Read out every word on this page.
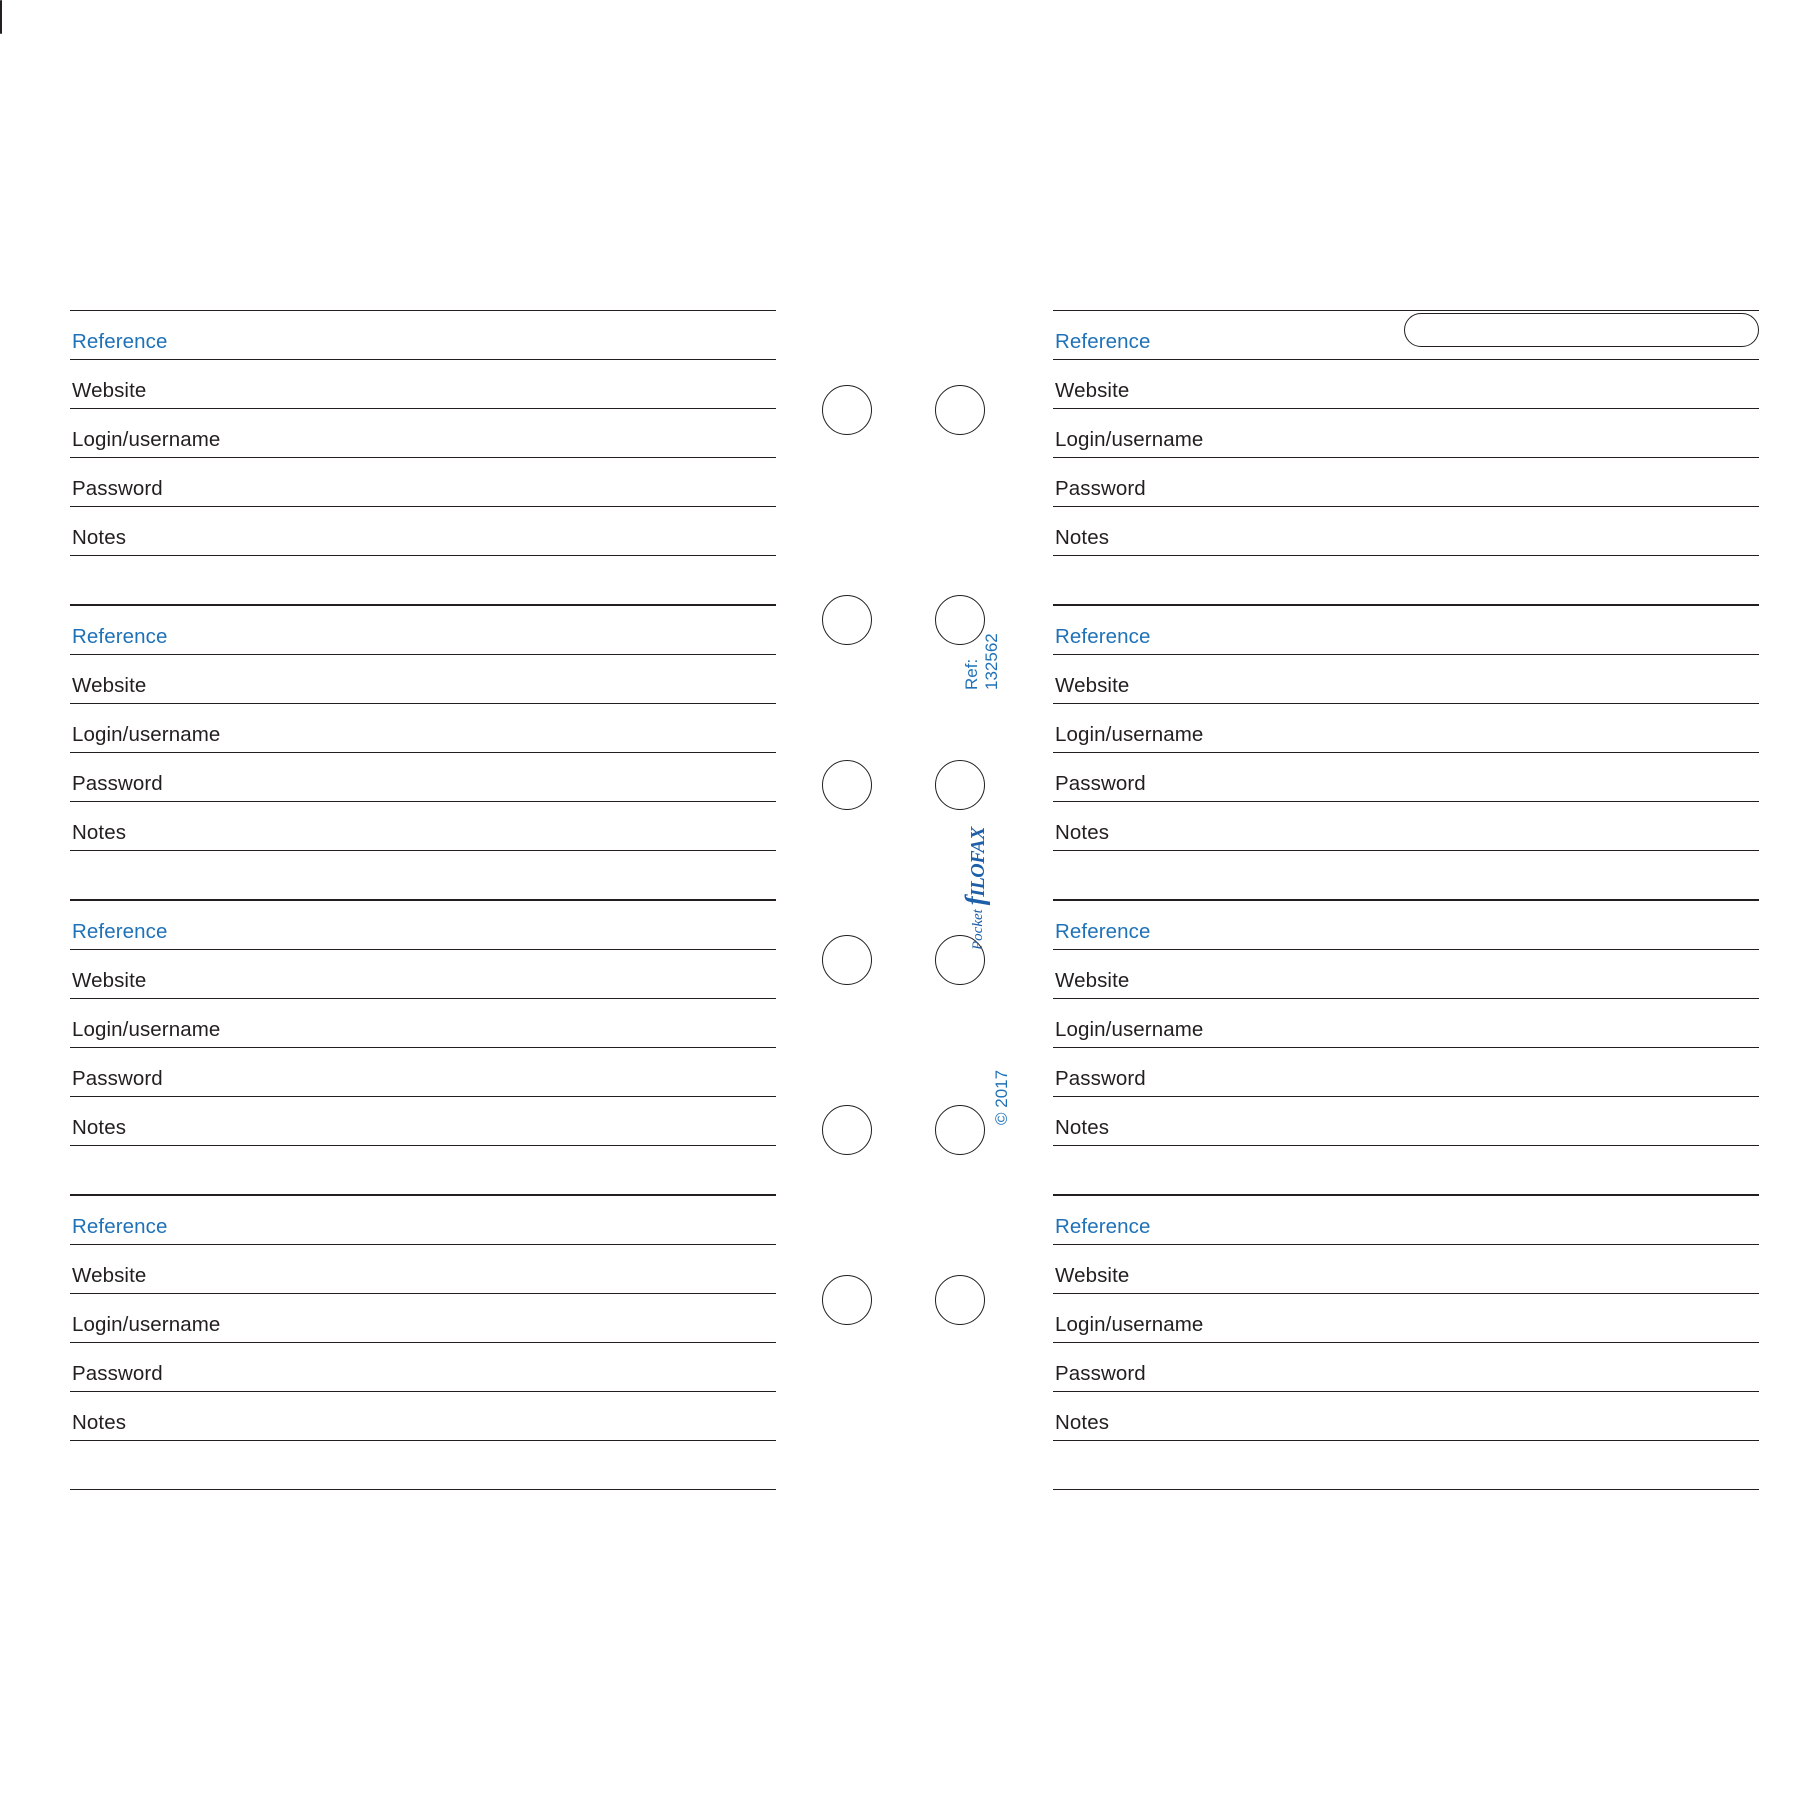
Reference
Website
Login/username
Password
Notes
Reference
Website
Login/username
Password
Notes
Reference
Website
Login/username
Password
Notes
Reference
Website
Login/username
Password
Notes
Reference
Website
Login/username
Password
Notes
Reference
Website
Login/username
Password
Notes
Reference
Website
Login/username
Password
Notes
Reference
Website
Login/username
Password
Notes
Ref: 132562
© 2017
PocketfILOFAX
